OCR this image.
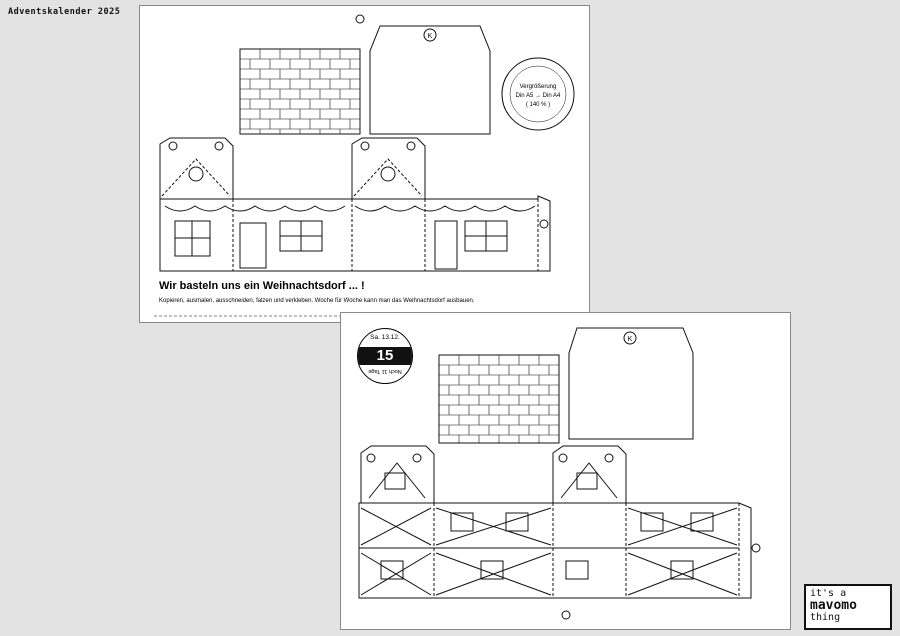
Adventskalender 2025
Vergrößerung
Din A5 → Din A4
( 140 % )
K
Wir basteln uns ein Weihnachtsdorf ... !
Kopieren, ausmalen, ausschneiden, falzen und verkleben. Woche für Woche kann man das Weihnachtsdorf ausbauen.
K
Sa. 13.12.
15
Noch 11 Tage
it's a
mavomo
thing
